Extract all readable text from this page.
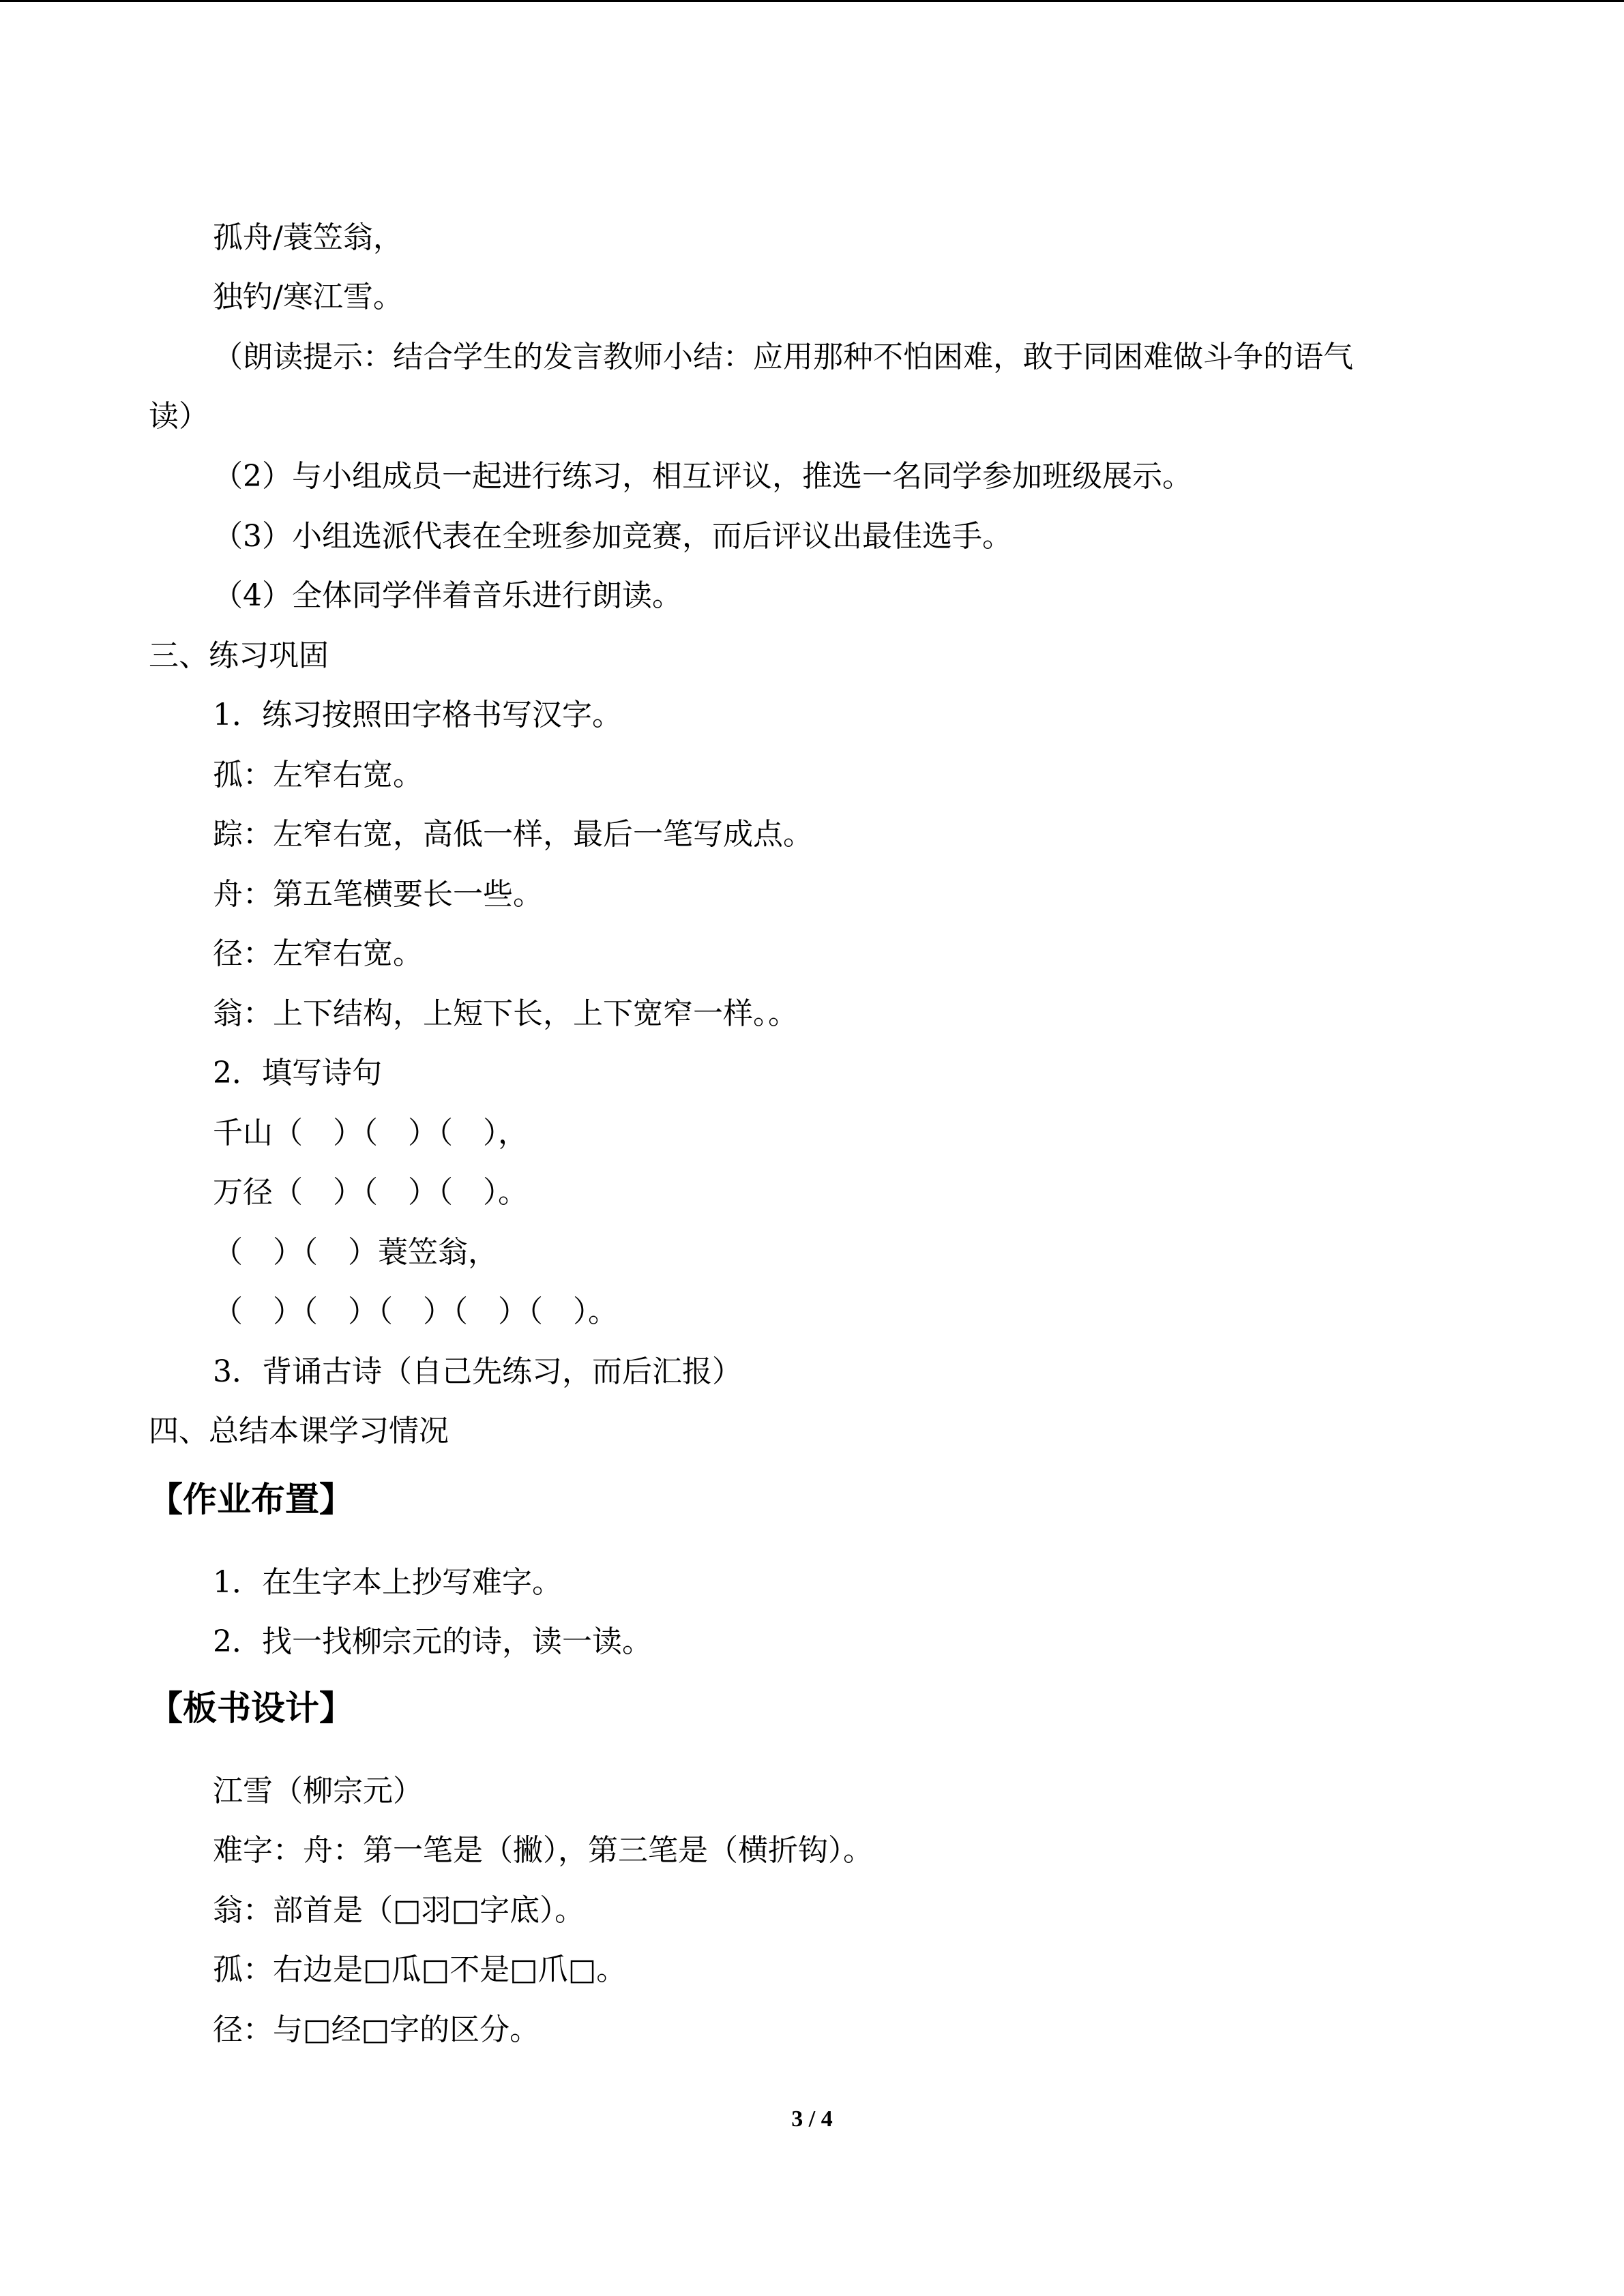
孤舟/蓑笠翁，
独钓/寒江雪。
（朗读提示：结合学生的发言教师小结：应用那种不怕困难，敢于同困难做斗争的语气
读）
（2）与小组成员一起进行练习，相互评议，推选一名同学参加班级展示。
（3）小组选派代表在全班参加竞赛，而后评议出最佳选手。
（4）全体同学伴着音乐进行朗读。
三、练习巩固
1．练习按照田字格书写汉字。
孤：左窄右宽。
踪：左窄右宽，高低一样，最后一笔写成点。
舟：第五笔横要长一些。
径：左窄右宽。
翁：上下结构，上短下长，上下宽窄一样。。
2．填写诗句
千山（　）（　）（　），
万径（　）（　）（　）。
（　）（　）蓑笠翁，
（　）（　）（　）（　）（　）。
3．背诵古诗（自己先练习，而后汇报）
四、总结本课学习情况
【作业布置】
1．在生字本上抄写难字。
2．找一找柳宗元的诗，读一读。
【板书设计】
江雪（柳宗元）
难字：舟：第一笔是（撇），第三笔是（横折钩）。
翁：部首是（□羽□字底）。
孤：右边是□瓜□不是□爪□。
径：与□经□字的区分。
3 / 4
